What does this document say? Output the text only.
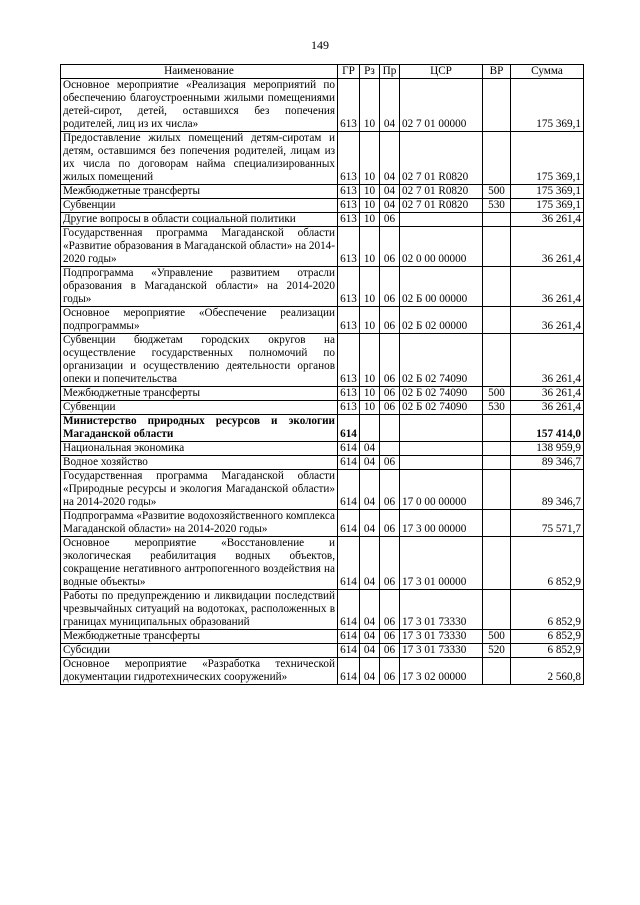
149
Наименование	ГР	Рз	Пр	ЦСР	ВР	Сумма
Основное мероприятие «Реализация мероприятий по обеспечению благоустроенными жилыми помещениями детей-сирот, детей, оставшихся без попечения родителей, лиц из их числа»	613	10	04	02 7 01 00000		175 369,1
Предоставление жилых помещений детям-сиротам и детям, оставшимся без попечения родителей, лицам из их числа по договорам найма специализированных жилых помещений	613	10	04	02 7 01 R0820		175 369,1
Межбюджетные трансферты	613	10	04	02 7 01 R0820	500	175 369,1
Субвенции	613	10	04	02 7 01 R0820	530	175 369,1
Другие вопросы в области социальной политики	613	10	06			36 261,4
Государственная программа Магаданской области «Развитие образования в Магаданской области» на 2014-2020 годы»	613	10	06	02 0 00 00000		36 261,4
Подпрограмма «Управление развитием отрасли образования в Магаданской области» на 2014-2020 годы»	613	10	06	02 Б 00 00000		36 261,4
Основное мероприятие «Обеспечение реализации подпрограммы»	613	10	06	02 Б 02 00000		36 261,4
Субвенции бюджетам городских округов на осуществление государственных полномочий по организации и осуществлению деятельности органов опеки и попечительства	613	10	06	02 Б 02 74090		36 261,4
Межбюджетные трансферты	613	10	06	02 Б 02 74090	500	36 261,4
Субвенции	613	10	06	02 Б 02 74090	530	36 261,4
Министерство природных ресурсов и экологии Магаданской области	614					157 414,0
Национальная экономика	614	04				138 959,9
Водное хозяйство	614	04	06			89 346,7
Государственная программа Магаданской области «Природные ресурсы и экология Магаданской области» на 2014-2020 годы»	614	04	06	17 0 00 00000		89 346,7
Подпрограмма «Развитие водохозяйственного комплекса Магаданской области» на 2014-2020 годы»	614	04	06	17 3 00 00000		75 571,7
Основное мероприятие «Восстановление и экологическая реабилитация водных объектов, сокращение негативного антропогенного воздействия на водные объекты»	614	04	06	17 3 01 00000		6 852,9
Работы по предупреждению и ликвидации последствий чрезвычайных ситуаций на водотоках, расположенных в границах муниципальных образований	614	04	06	17 3 01 73330		6 852,9
Межбюджетные трансферты	614	04	06	17 3 01 73330	500	6 852,9
Субсидии	614	04	06	17 3 01 73330	520	6 852,9
Основное мероприятие «Разработка технической документации гидротехнических сооружений»	614	04	06	17 3 02 00000		2 560,8
